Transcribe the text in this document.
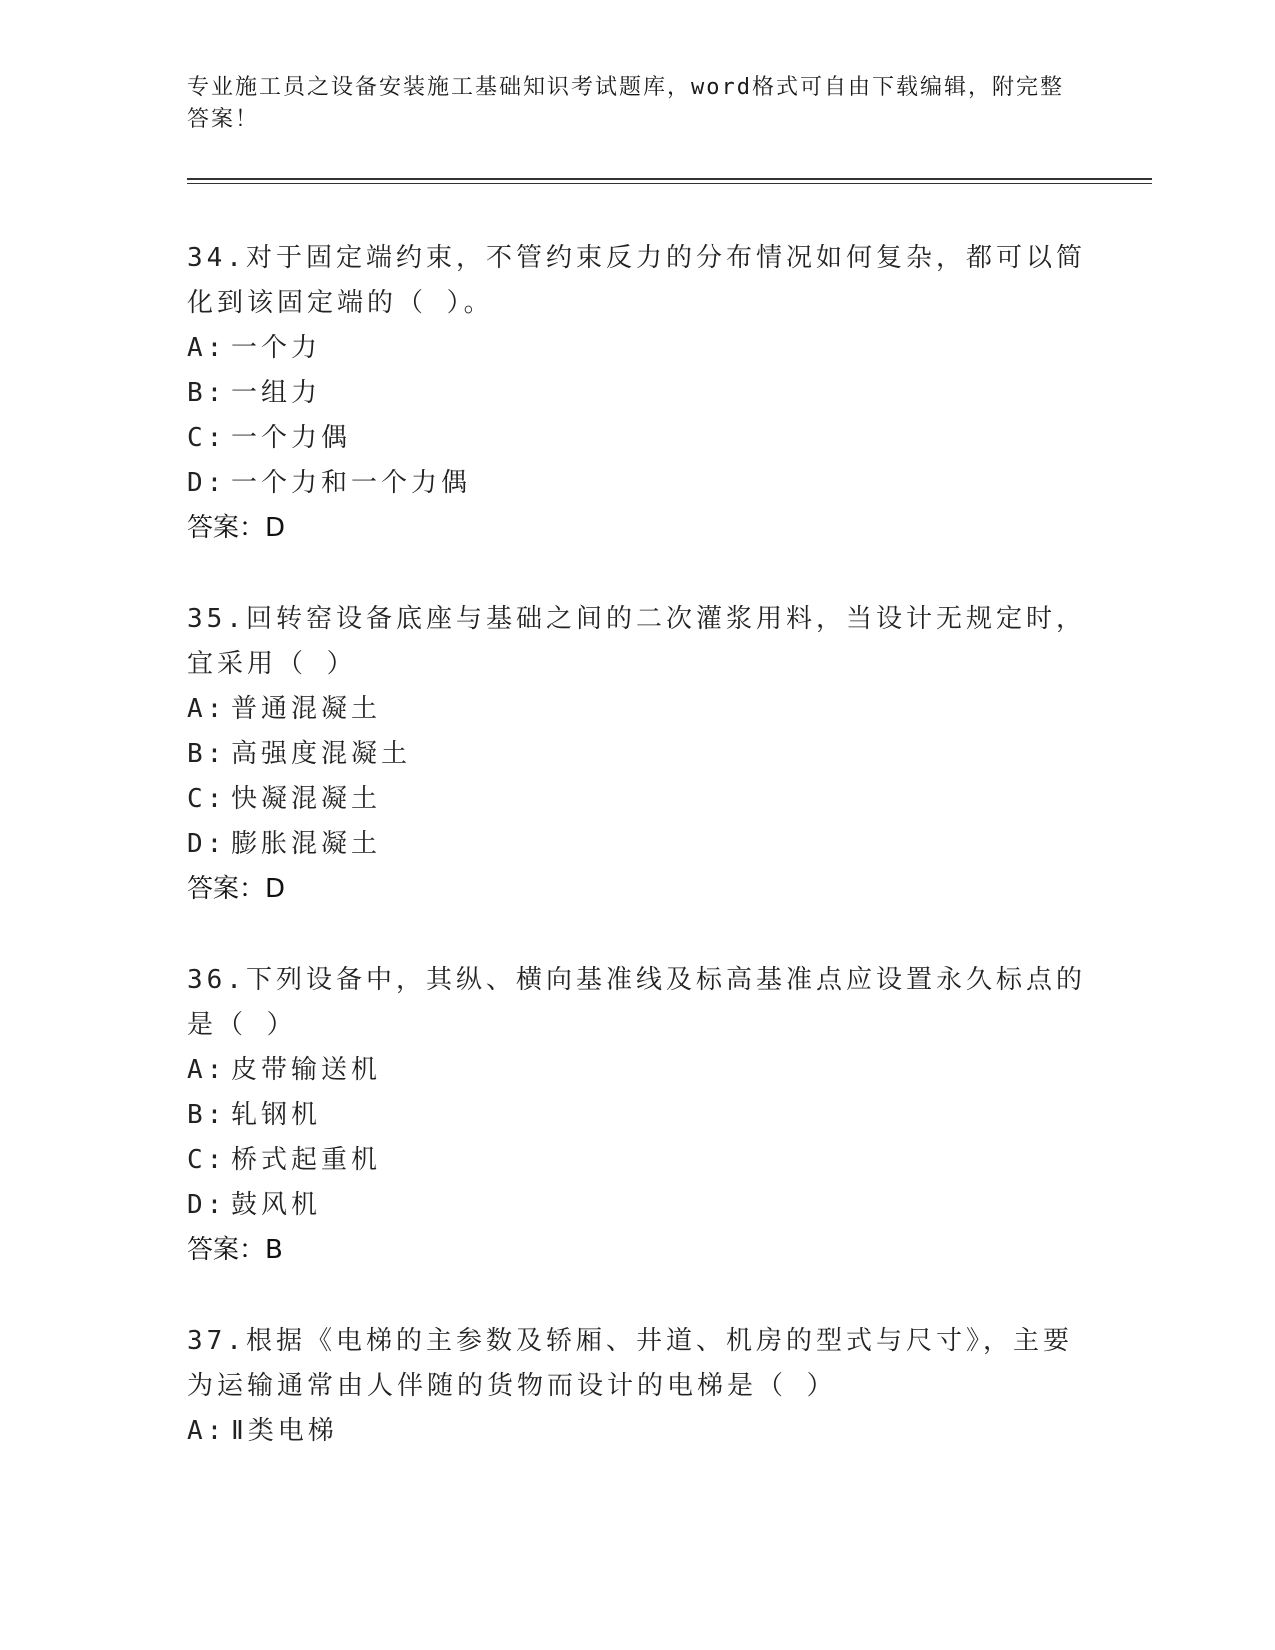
专业施工员之设备安装施工基础知识考试题库，word格式可自由下载编辑，附完整答案！

34.对于固定端约束，不管约束反力的分布情况如何复杂，都可以简化到该固定端的（ ）。

A: 一个力

B: 一组力

C: 一个力偶

D: 一个力和一个力偶

答案：D

35.回转窑设备底座与基础之间的二次灌浆用料，当设计无规定时，宜采用（ ）

A: 普通混凝土

B: 高强度混凝土

C: 快凝混凝土

D: 膨胀混凝土

答案：D

36.下列设备中，其纵、横向基准线及标高基准点应设置永久标点的是（ ）

A: 皮带输送机

B: 轧钢机

C: 桥式起重机

D: 鼓风机

答案：B

37.根据《电梯的主参数及轿厢、井道、机房的型式与尺寸》，主要为运输通常由人伴随的货物而设计的电梯是（ ）

A: Ⅱ类电梯
